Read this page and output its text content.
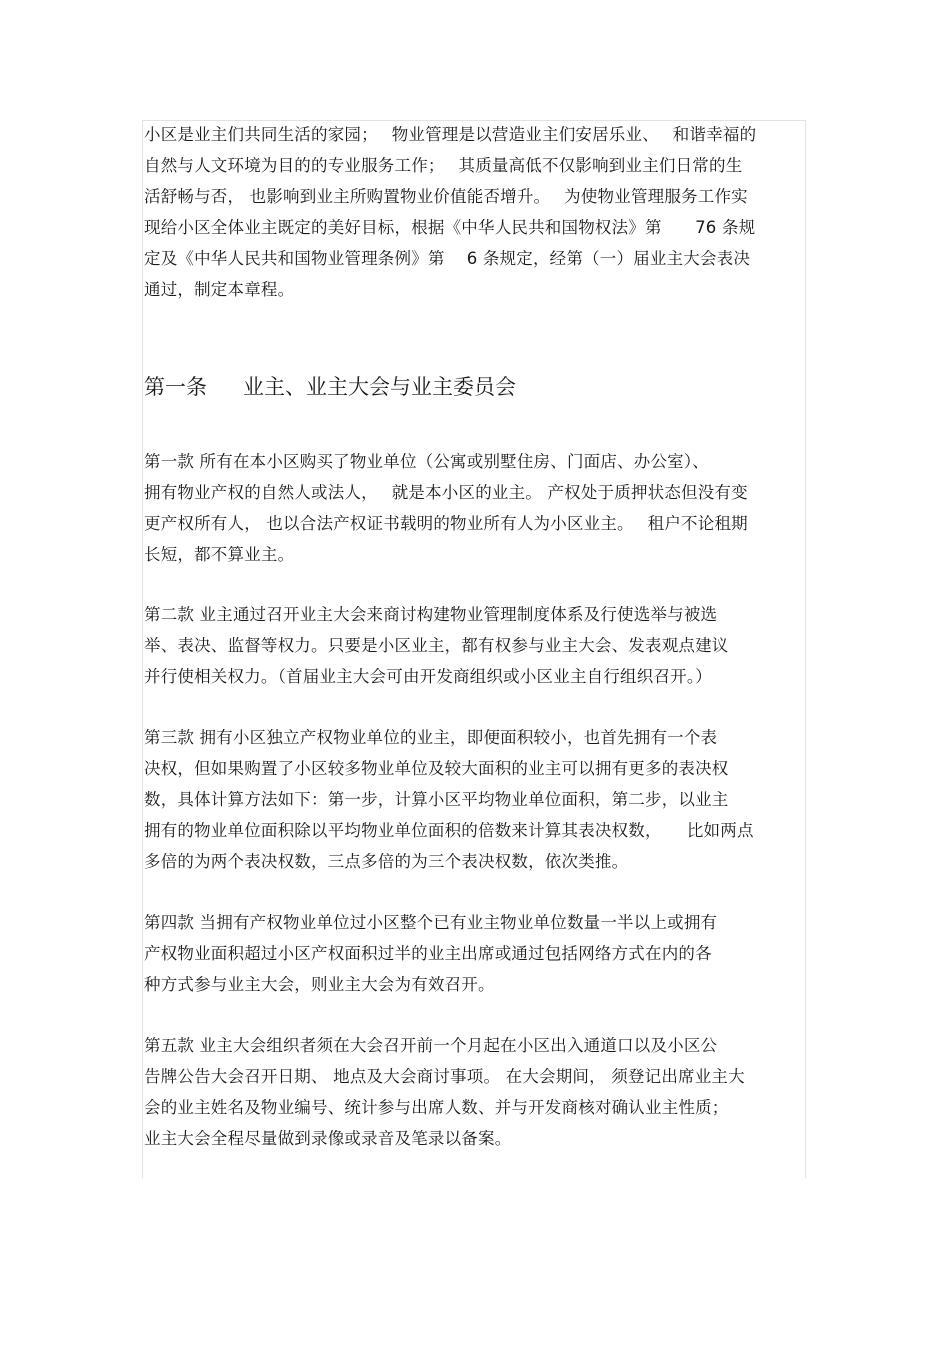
小区是业主们共同生活的家园；　 物业管理是以营造业主们安居乐业、　 和谐幸福的
自然与人文环境为目的的专业服务工作；　 其质量高低不仅影响到业主们日常的生
活舒畅与否， 也影响到业主所购置物业价值能否增升。　 为使物业管理服务工作实
现给小区全体业主既定的美好目标，根据《中华人民共和国物权法》第　　76 条规
定及《中华人民共和国物业管理条例》第　 6 条规定，经第（一）届业主大会表决
通过，制定本章程。
第一条 业主、业主大会与业主委员会
第一款 所有在本小区购买了物业单位（公寓或别墅住房、门面店、办公室）、
拥有物业产权的自然人或法人，　 就是本小区的业主。 产权处于质押状态但没有变
更产权所有人， 也以合法产权证书载明的物业所有人为小区业主。　 租户不论租期
长短，都不算业主。
第二款 业主通过召开业主大会来商讨构建物业管理制度体系及行使选举与被选
举、表决、监督等权力。只要是小区业主，都有权参与业主大会、发表观点建议
并行使相关权力。（首届业主大会可由开发商组织或小区业主自行组织召开。）
第三款 拥有小区独立产权物业单位的业主，即便面积较小，也首先拥有一个表
决权，但如果购置了小区较多物业单位及较大面积的业主可以拥有更多的表决权
数，具体计算方法如下：第一步，计算小区平均物业单位面积，第二步，以业主
拥有的物业单位面积除以平均物业单位面积的倍数来计算其表决权数，　　比如两点
多倍的为两个表决权数，三点多倍的为三个表决权数，依次类推。
第四款 当拥有产权物业单位过小区整个已有业主物业单位数量一半以上或拥有
产权物业面积超过小区产权面积过半的业主出席或通过包括网络方式在内的各
种方式参与业主大会，则业主大会为有效召开。
第五款 业主大会组织者须在大会召开前一个月起在小区出入通道口以及小区公
告牌公告大会召开日期、 地点及大会商讨事项。 在大会期间， 须登记出席业主大
会的业主姓名及物业编号、统计参与出席人数、并与开发商核对确认业主性质；
业主大会全程尽量做到录像或录音及笔录以备案。
